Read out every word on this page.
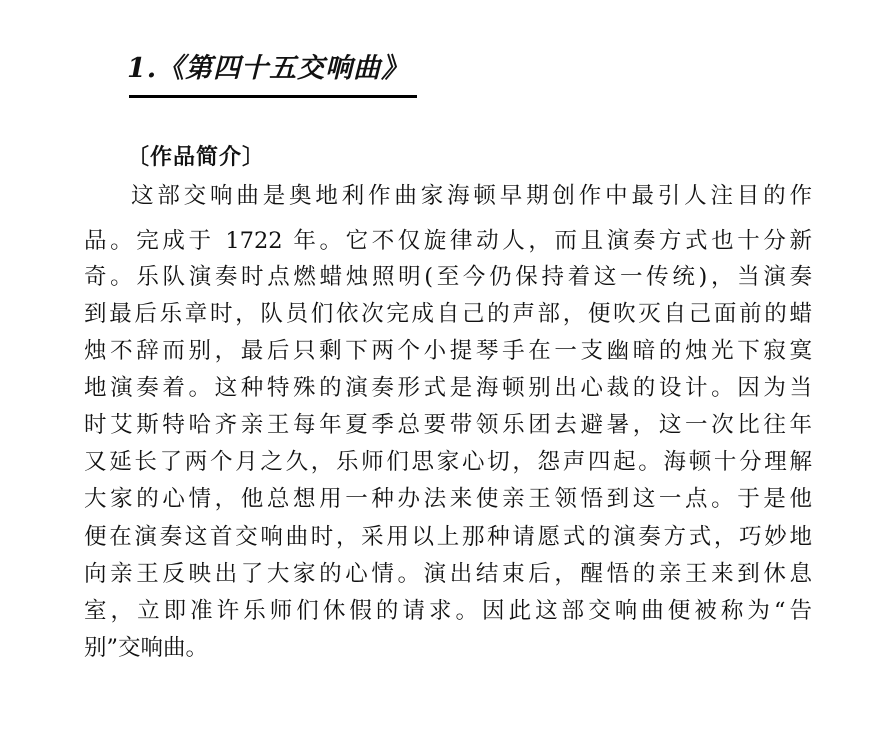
1.《第四十五交响曲》
〔作品简介〕
这部交响曲是奥地利作曲家海顿早期创作中最引人注目的作
品。完成于 1722 年。它不仅旋律动人，而且演奏方式也十分新
奇。乐队演奏时点燃蜡烛照明(至今仍保持着这一传统)，当演奏
到最后乐章时，队员们依次完成自己的声部，便吹灭自己面前的蜡
烛不辞而别，最后只剩下两个小提琴手在一支幽暗的烛光下寂寞
地演奏着。这种特殊的演奏形式是海顿别出心裁的设计。因为当
时艾斯特哈齐亲王每年夏季总要带领乐团去避暑，这一次比往年
又延长了两个月之久，乐师们思家心切，怨声四起。海顿十分理解
大家的心情，他总想用一种办法来使亲王领悟到这一点。于是他
便在演奏这首交响曲时，采用以上那种请愿式的演奏方式，巧妙地
向亲王反映出了大家的心情。演出结束后，醒悟的亲王来到休息
室，立即准许乐师们休假的请求。因此这部交响曲便被称为“告
别”交响曲。
